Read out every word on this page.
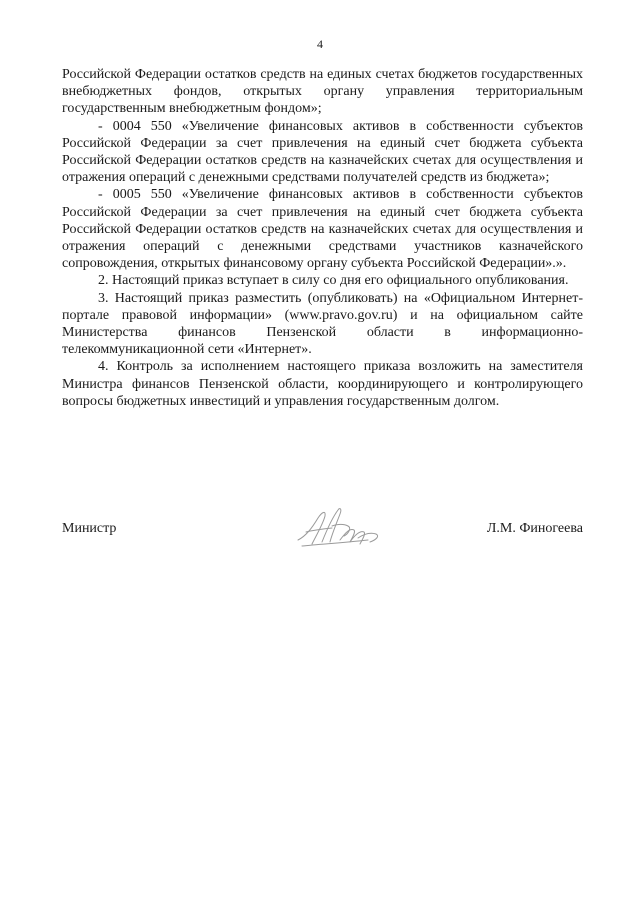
4

Российской Федерации остатков средств на единых счетах бюджетов государственных внебюджетных фондов, открытых органу управления территориальным государственным внебюджетным фондом»;

- 0004 550 «Увеличение финансовых активов в собственности субъектов Российской Федерации за счет привлечения на единый счет бюджета субъекта Российской Федерации остатков средств на казначейских счетах для осуществления и отражения операций с денежными средствами получателей средств из бюджета»;

- 0005 550 «Увеличение финансовых активов в собственности субъектов Российской Федерации за счет привлечения на единый счет бюджета субъекта Российской Федерации остатков средств на казначейских счетах для осуществления и отражения операций с денежными средствами участников казначейского сопровождения, открытых финансовому органу субъекта Российской Федерации».».

2. Настоящий приказ вступает в силу со дня его официального опубликования.

3. Настоящий приказ разместить (опубликовать) на «Официальном Интернет-портале правовой информации» (www.pravo.gov.ru) и на официальном сайте Министерства финансов Пензенской области в информационно-телекоммуникационной сети «Интернет».

4. Контроль за исполнением настоящего приказа возложить на заместителя Министра финансов Пензенской области, координирующего и контролирующего вопросы бюджетных инвестиций и управления государственным долгом.

Министр	Л.М. Финогеева
